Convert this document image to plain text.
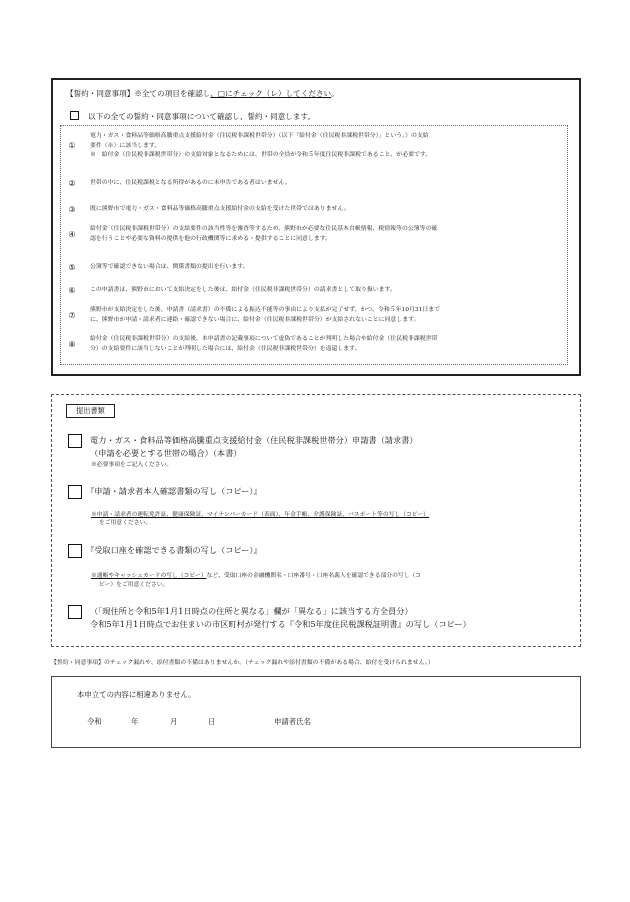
【誓約・同意事項】※全ての項目を確認し、□にチェック（レ）してください。
以下の全ての誓約・同意事項について確認し、誓約・同意します。
①
電力・ガス・食料品等価格高騰重点支援給付金（住民税非課税世帯分）（以下「給付金（住民税非課税世帯分）」という。）の支給
要件（※）に該当します。
※　給付金（住民税非課税世帯分）の支給対象となるためには、世帯の全員が令和５年度住民税非課税であること、が必要です。
②	世帯の中に、住民税課税となる所得があるのに未申告である者はいません。
③	既に熊野市で電力・ガス・食料品等価格高騰重点支援給付金の支給を受けた世帯ではありません。
④
給付金（住民税非課税世帯分）の支給要件の該当性等を審査等するため、熊野市が必要な住民基本台帳情報、税情報等の公簿等の確
認を行うことや必要な資料の提供を他の行政機関等に求める・提供することに同意します。
⑤	公簿等で確認できない場合は、関係書類の提出を行います。
⑥	この申請書は、熊野市において支給決定をした後は、給付金（住民税非課税世帯分）の請求書として取り扱います。
⑦
熊野市が支給決定をした後、申請書（請求書）の不備による振込不能等の事由により支払が完了せず、かつ、令和５年10月31日まで
に、熊野市が申請・請求者に連絡・確認できない場合に、給付金（住民税非課税世帯分）が支給されないことに同意します。
⑧
給付金（住民税非課税世帯分）の支給後、本申請書の記載事項について虚偽であることが判明した場合や給付金（住民税非課税世帯
分）の支給要件に該当しないことが判明した場合には、給付金（住民税非課税世帯分）を返還します。
提出書類
電力・ガス・食料品等価格高騰重点支援給付金（住民税非課税世帯分）申請書（請求書）
（申請を必要とする世帯の場合）（本書）
※必要事項をご記入ください。
『申請・請求者本人確認書類の写し（コピー）』
※申請・請求者の運転免許証、健康保険証、マイナンバーカード（表面）、年金手帳、介護保険証、パスポート等の写し（コピー）
をご用意ください。
『受取口座を確認できる書類の写し（コピー）』
※通帳やキャッシュカードの写し（コピー）など、受取口座の金融機関名・口座番号・口座名義人を確認できる部分の写し（コ
ピー）をご用意ください。
（「現住所と令和5年1月1日時点の住所と異なる」欄が「異なる」に該当する方全員分）
令和5年1月1日時点でお住まいの市区町村が発行する『令和5年度住民税課税証明書』の写し（コピー）
【誓約・同意事項】のチェック漏れや、添付書類の不備はありませんか。（チェック漏れや添付書類の不備がある場合、給付を受けられません。）
本申立ての内容に相違ありません。
令和	年	月	日	申請者氏名
